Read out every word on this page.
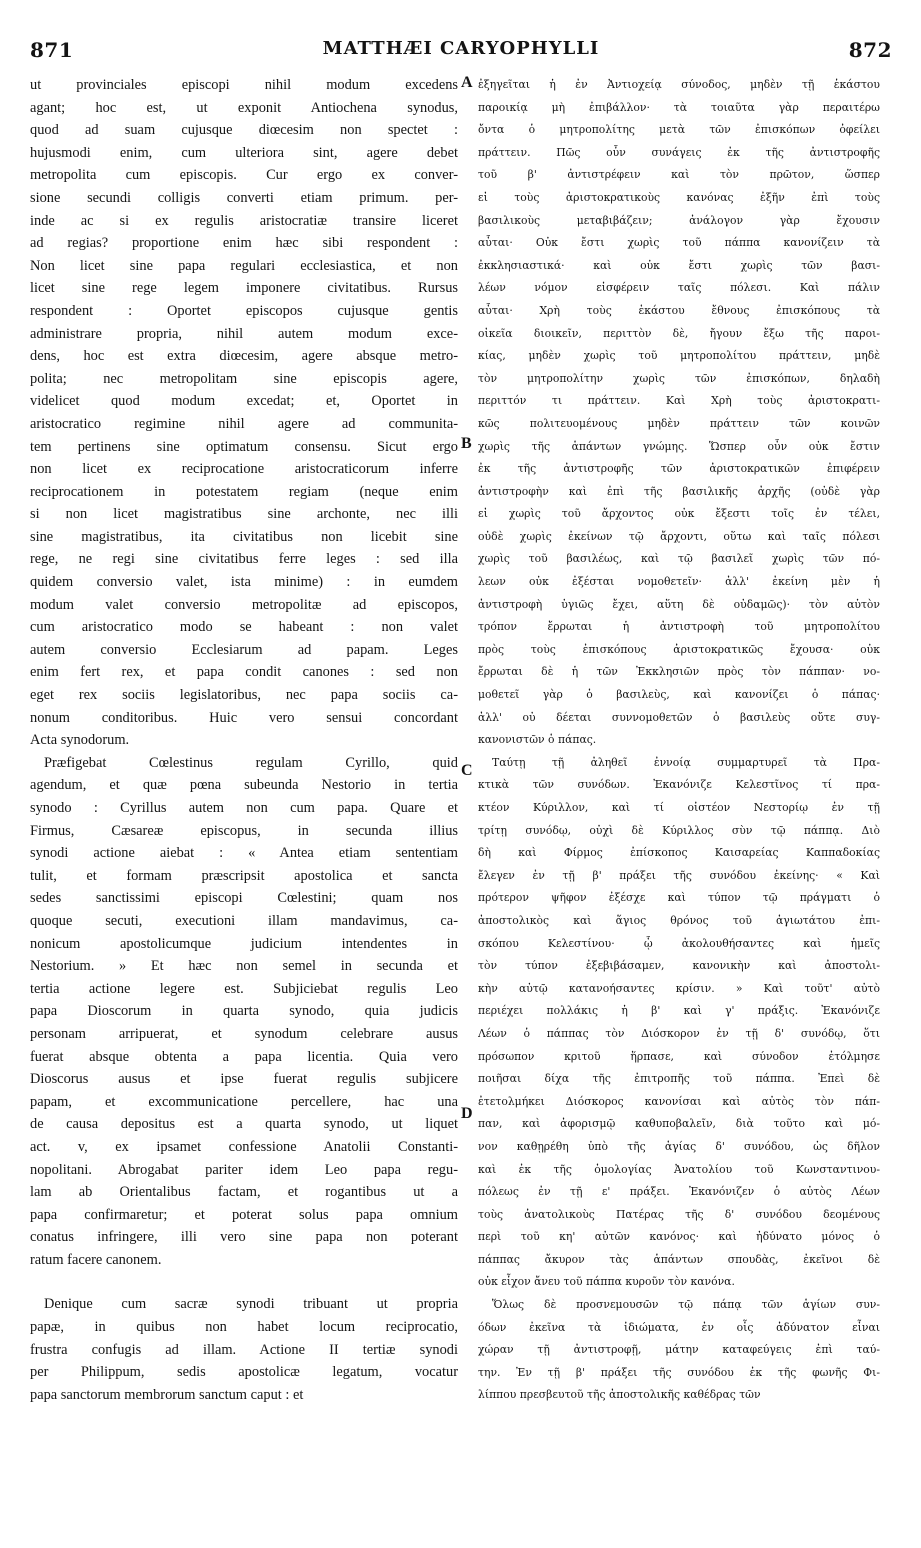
871	MATTHÆI CARYOPHYLLI	872
ut provinciales episcopi nihil modum excedens
agant; hoc est, ut exponit Antiochena synodus,
quod ad suam cujusque diœcesim non spectet :
hujusmodi enim, cum ulteriora sint, agere debet
metropolita cum episcopis. Cur ergo ex conver-
sione secundi colligis converti etiam primum. per-
inde ac si ex regulis aristocratiæ transire liceret
ad regias? proportione enim hæc sibi respondent :
Non licet sine papa regulari ecclesiastica, et non
licet sine rege legem imponere civitatibus. Rursus
respondent : Oportet episcopos cujusque gentis
administrare propria, nihil autem modum exce-
dens, hoc est extra diœcesim, agere absque metro-
polita; nec metropolitam sine episcopis agere,
videlicet quod modum excedat; et, Oportet in
aristocratico regimine nihil agere ad communita-
tem pertinens sine optimatum consensu. Sicut ergo
non licet ex reciprocatione aristocraticorum inferre
reciprocationem in potestatem regiam (neque enim
si non licet magistratibus sine archonte, nec illi
sine magistratibus, ita civitatibus non licebit sine
rege, ne regi sine civitatibus ferre leges : sed illa
quidem conversio valet, ista minime) : in eumdem
modum valet conversio metropolitæ ad episcopos,
cum aristocratico modo se habeant : non valet
autem conversio Ecclesiarum ad papam. Leges
enim fert rex, et papa condit canones : sed non
eget rex sociis legislatoribus, nec papa sociis ca-
nonum conditoribus. Huic vero sensui concordant
Acta synodorum.
Præfigebat Cœlestinus regulam Cyrillo, quid
agendum, et quæ pœna subeunda Nestorio in tertia
synodo : Cyrillus autem non cum papa. Quare et
Firmus, Cæsareæ episcopus, in secunda illius
synodi actione aiebat : « Antea etiam sententiam
tulit, et formam præscripsit apostolica et sancta
sedes sanctissimi episcopi Cœlestini; quam nos
quoque secuti, executioni illam mandavimus, ca-
nonicum apostolicumque judicium intendentes in
Nestorium. » Et hæc non semel in secunda et
tertia actione legere est. Subjiciebat regulis Leo
papa Dioscorum in quarta synodo, quia judicis
personam arripuerat, et synodum celebrare ausus
fuerat absque obtenta a papa licentia. Quia vero
Dioscorus ausus et ipse fuerat regulis subjicere
papam, et excommunicatione percellere, hac una
de causa depositus est a quarta synodo, ut liquet
act. v, ex ipsamet confessione Anatolii Constanti-
nopolitani. Abrogabat pariter idem Leo papa regu-
lam ab Orientalibus factam, et rogantibus ut a
papa confirmaretur; et poterat solus papa omnium
conatus infringere, illi vero sine papa non poterant
ratum facere canonem.
Denique cum sacræ synodi tribuant ut propria
papæ, in quibus non habet locum reciprocatio,
frustra confugis ad illam. Actione II tertiæ synodi
per Philippum, sedis apostolicæ legatum, vocatur
papa sanctorum membrorum sanctum caput : et
ἐξηγεῖται ἡ ἐν Ἀντιοχείᾳ σύνοδος, μηδὲν τῇ ἑκάστου
παροικίᾳ μὴ ἐπιβάλλον· τὰ τοιαῦτα γὰρ περαιτέρω
ὄντα ὁ μητροπολίτης μετὰ τῶν ἐπισκόπων ὀφείλει
πράττειν. Πῶς οὖν συνάγεις ἐκ τῆς ἀντιστροφῆς
τοῦ β' ἀντιστρέφειν καὶ τὸν πρῶτον, ὥσπερ
εἰ τοὺς ἀριστοκρατικοὺς κανόνας ἐξῆν ἐπὶ τοὺς
βασιλικοὺς μεταβιβάζειν; ἀνάλογον γὰρ ἔχουσιν
αὗται· Οὐκ ἔστι χωρὶς τοῦ πάππα κανονίζειν τὰ
ἐκκλησιαστικά· καὶ οὐκ ἔστι χωρὶς τῶν βασι-
λέων νόμον εἰσφέρειν ταῖς πόλεσι. Καὶ πάλιν
αὗται· Χρὴ τοὺς ἑκάστου ἔθνους ἐπισκόπους τὰ
οἰκεῖα διοικεῖν, περιττὸν δὲ, ἤγουν ἔξω τῆς παροι-
κίας, μηδὲν χωρὶς τοῦ μητροπολίτου πράττειν, μηδὲ
τὸν μητροπολίτην χωρὶς τῶν ἐπισκόπων, δηλαδὴ
περιττόν τι πράττειν. Καὶ Χρὴ τοὺς ἀριστοκρατι-
κῶς πολιτευομένους μηδὲν πράττειν τῶν κοινῶν
χωρὶς τῆς ἁπάντων γνώμης. Ὥσπερ οὖν οὐκ ἔστιν
ἐκ τῆς ἀντιστροφῆς τῶν ἀριστοκρατικῶν ἐπιφέρειν
ἀντιστροφὴν καὶ ἐπὶ τῆς βασιλικῆς ἀρχῆς (οὐδὲ γὰρ
εἰ χωρὶς τοῦ ἄρχοντος οὐκ ἔξεστι τοῖς ἐν τέλει,
οὐδὲ χωρὶς ἐκείνων τῷ ἄρχοντι, οὕτω καὶ ταῖς πόλεσι
χωρὶς τοῦ βασιλέως, καὶ τῷ βασιλεῖ χωρὶς τῶν πό-
λεων οὐκ ἐξέσται νομοθετεῖν· ἀλλ' ἐκείνη μὲν ἡ
ἀντιστροφὴ ὑγιῶς ἔχει, αὕτη δὲ οὐδαμῶς)· τὸν αὐτὸν
τρόπον ἔρρωται ἡ ἀντιστροφὴ τοῦ μητροπολίτου
πρὸς τοὺς ἐπισκόπους ἀριστοκρατικῶς ἔχουσα· οὐκ
ἔρρωται δὲ ἡ τῶν Ἐκκλησιῶν πρὸς τὸν πάππαν· νο-
μοθετεῖ γὰρ ὁ βασιλεὺς, καὶ κανονίζει ὁ πάπας·
ἀλλ' οὐ δέεται συννομοθετῶν ὁ βασιλεὺς οὔτε συγ-
κανονιστῶν ὁ πάπας.
Ταύτῃ τῇ ἀληθεῖ ἐννοίᾳ συμμαρτυρεῖ τὰ Πρα-
κτικὰ τῶν συνόδων. Ἐκανόνιζε Κελεστῖνος τί πρα-
κτέον Κύριλλον, καὶ τί οἰστέον Νεστορίῳ ἐν τῇ
τρίτῃ συνόδῳ, οὐχὶ δὲ Κύριλλος σὺν τῷ πάππᾳ. Διὸ
δὴ καὶ Φίρμος ἐπίσκοπος Καισαρείας Καππαδοκίας
ἔλεγεν ἐν τῇ β' πράξει τῆς συνόδου ἐκείνης· « Καὶ
πρότερον ψῆφον ἐξέσχε καὶ τύπον τῷ πράγματι ὁ
ἀποστολικὸς καὶ ἅγιος θρόνος τοῦ ἁγιωτάτου ἐπι-
σκόπου Κελεστίνου· ᾧ ἀκολουθήσαντες καὶ ἡμεῖς
τὸν τύπον ἐξεβιβάσαμεν, κανονικὴν καὶ ἀποστολι-
κὴν αὐτῷ κατανοήσαντες κρίσιν. » Καὶ τοῦτ' αὐτὸ
περιέχει πολλάκις ἡ β' καὶ γ' πράξις. Ἐκανόνιζε
Λέων ὁ πάππας τὸν Διόσκορον ἐν τῇ δ' συνόδῳ, ὅτι
πρόσωπον κριτοῦ ἥρπασε, καὶ σύνοδον ἐτόλμησε
ποιῆσαι δίχα τῆς ἐπιτροπῆς τοῦ πάππα. Ἐπεὶ δὲ
ἐτετολμήκει Διόσκορος κανονίσαι καὶ αὐτὸς τὸν πάπ-
παν, καὶ ἀφορισμῷ καθυποβαλεῖν, διὰ τοῦτο καὶ μό-
νον καθῃρέθη ὑπὸ τῆς ἁγίας δ' συνόδου, ὡς δῆλον
καὶ ἐκ τῆς ὁμολογίας Ἀνατολίου τοῦ Κωνσταντινου-
πόλεως ἐν τῇ ε' πράξει. Ἐκανόνιζεν ὁ αὐτὸς Λέων
τοὺς ἀνατολικοὺς Πατέρας τῆς δ' συνόδου δεομένους
περὶ τοῦ κη' αὐτῶν κανόνος· καὶ ἠδύνατο μόνος ὁ
πάππας ἄκυρον τὰς ἁπάντων σπουδὰς, ἐκεῖνοι δὲ
οὐκ εἶχον ἄνευ τοῦ πάππα κυροῦν τὸν κανόνα.
Ὅλως δὲ προσνεμουσῶν τῷ πάπᾳ τῶν ἁγίων συν-
όδων ἐκεῖνα τὰ ἰδιώματα, ἐν οἷς ἀδύνατον εἶναι
χώραν τῇ ἀντιστροφῇ, μάτην καταφεύγεις ἐπὶ ταύ-
την. Ἐν τῇ β' πράξει τῆς συνόδου ἐκ τῆς φωνῆς Φι-
λίππου πρεσβευτοῦ τῆς ἀποστολικῆς καθέδρας τῶν
A
B
C
D
